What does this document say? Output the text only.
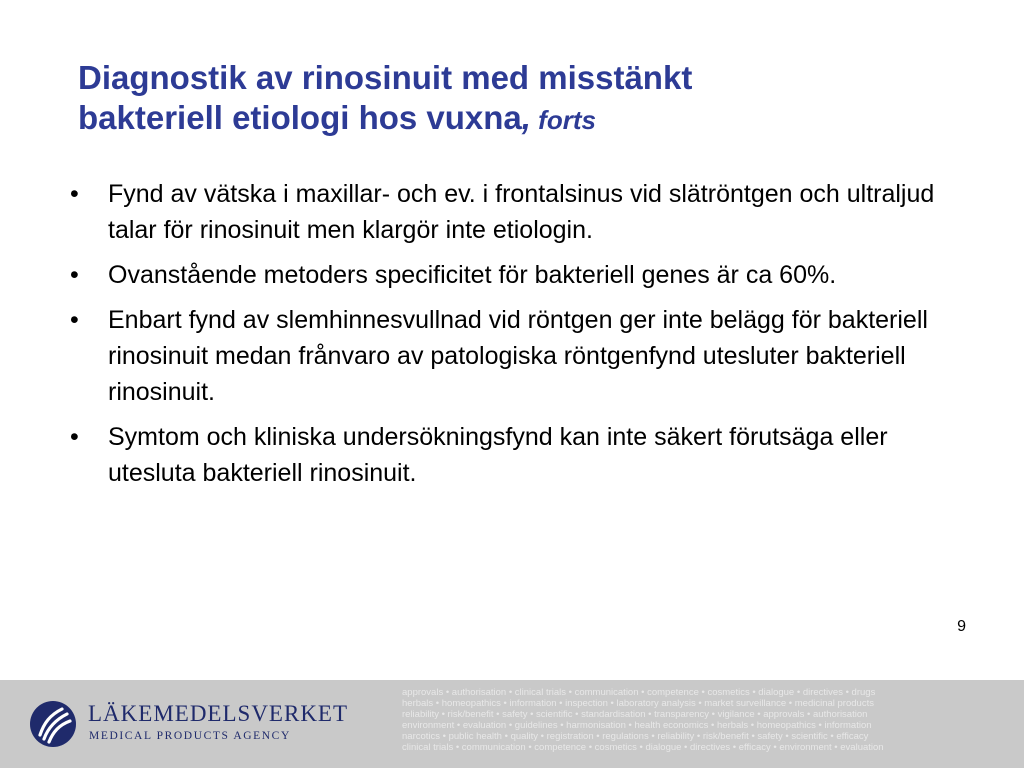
Diagnostik av rinosinuit med misstänkt
bakteriell etiologi hos vuxna, forts
•	Fynd av vätska i maxillar- och ev. i frontalsinus vid slätröntgen och ultraljud talar för rinosinuit men klargör inte etiologin.
•	Ovanstående metoders specificitet för bakteriell genes är ca 60%.
•	Enbart fynd av slemhinnesvullnad vid röntgen ger inte belägg för bakteriell rinosinuit medan frånvaro av patologiska röntgenfynd utesluter bakteriell rinosinuit.
•	Symtom och kliniska undersökningsfynd kan inte säkert förutsäga eller utesluta bakteriell rinosinuit.
9
LÄKEMEDELSVERKET
MEDICAL PRODUCTS AGENCY
approvals • authorisation • clinical trials • communication • competence • cosmetics • dialogue • directives • drugs
herbals • homeopathics • information • inspection • laboratory analysis • market surveillance • medicinal products
reliability • risk/benefit • safety • scientific • standardisation • transparency • vigilance • approvals • authorisation
environment • evaluation • guidelines • harmonisation • health economics • herbals • homeopathics • information
narcotics • public health • quality • registration • regulations • reliability • risk/benefit • safety • scientific • efficacy
clinical trials • communication • competence • cosmetics • dialogue • directives • efficacy • environment • evaluation
